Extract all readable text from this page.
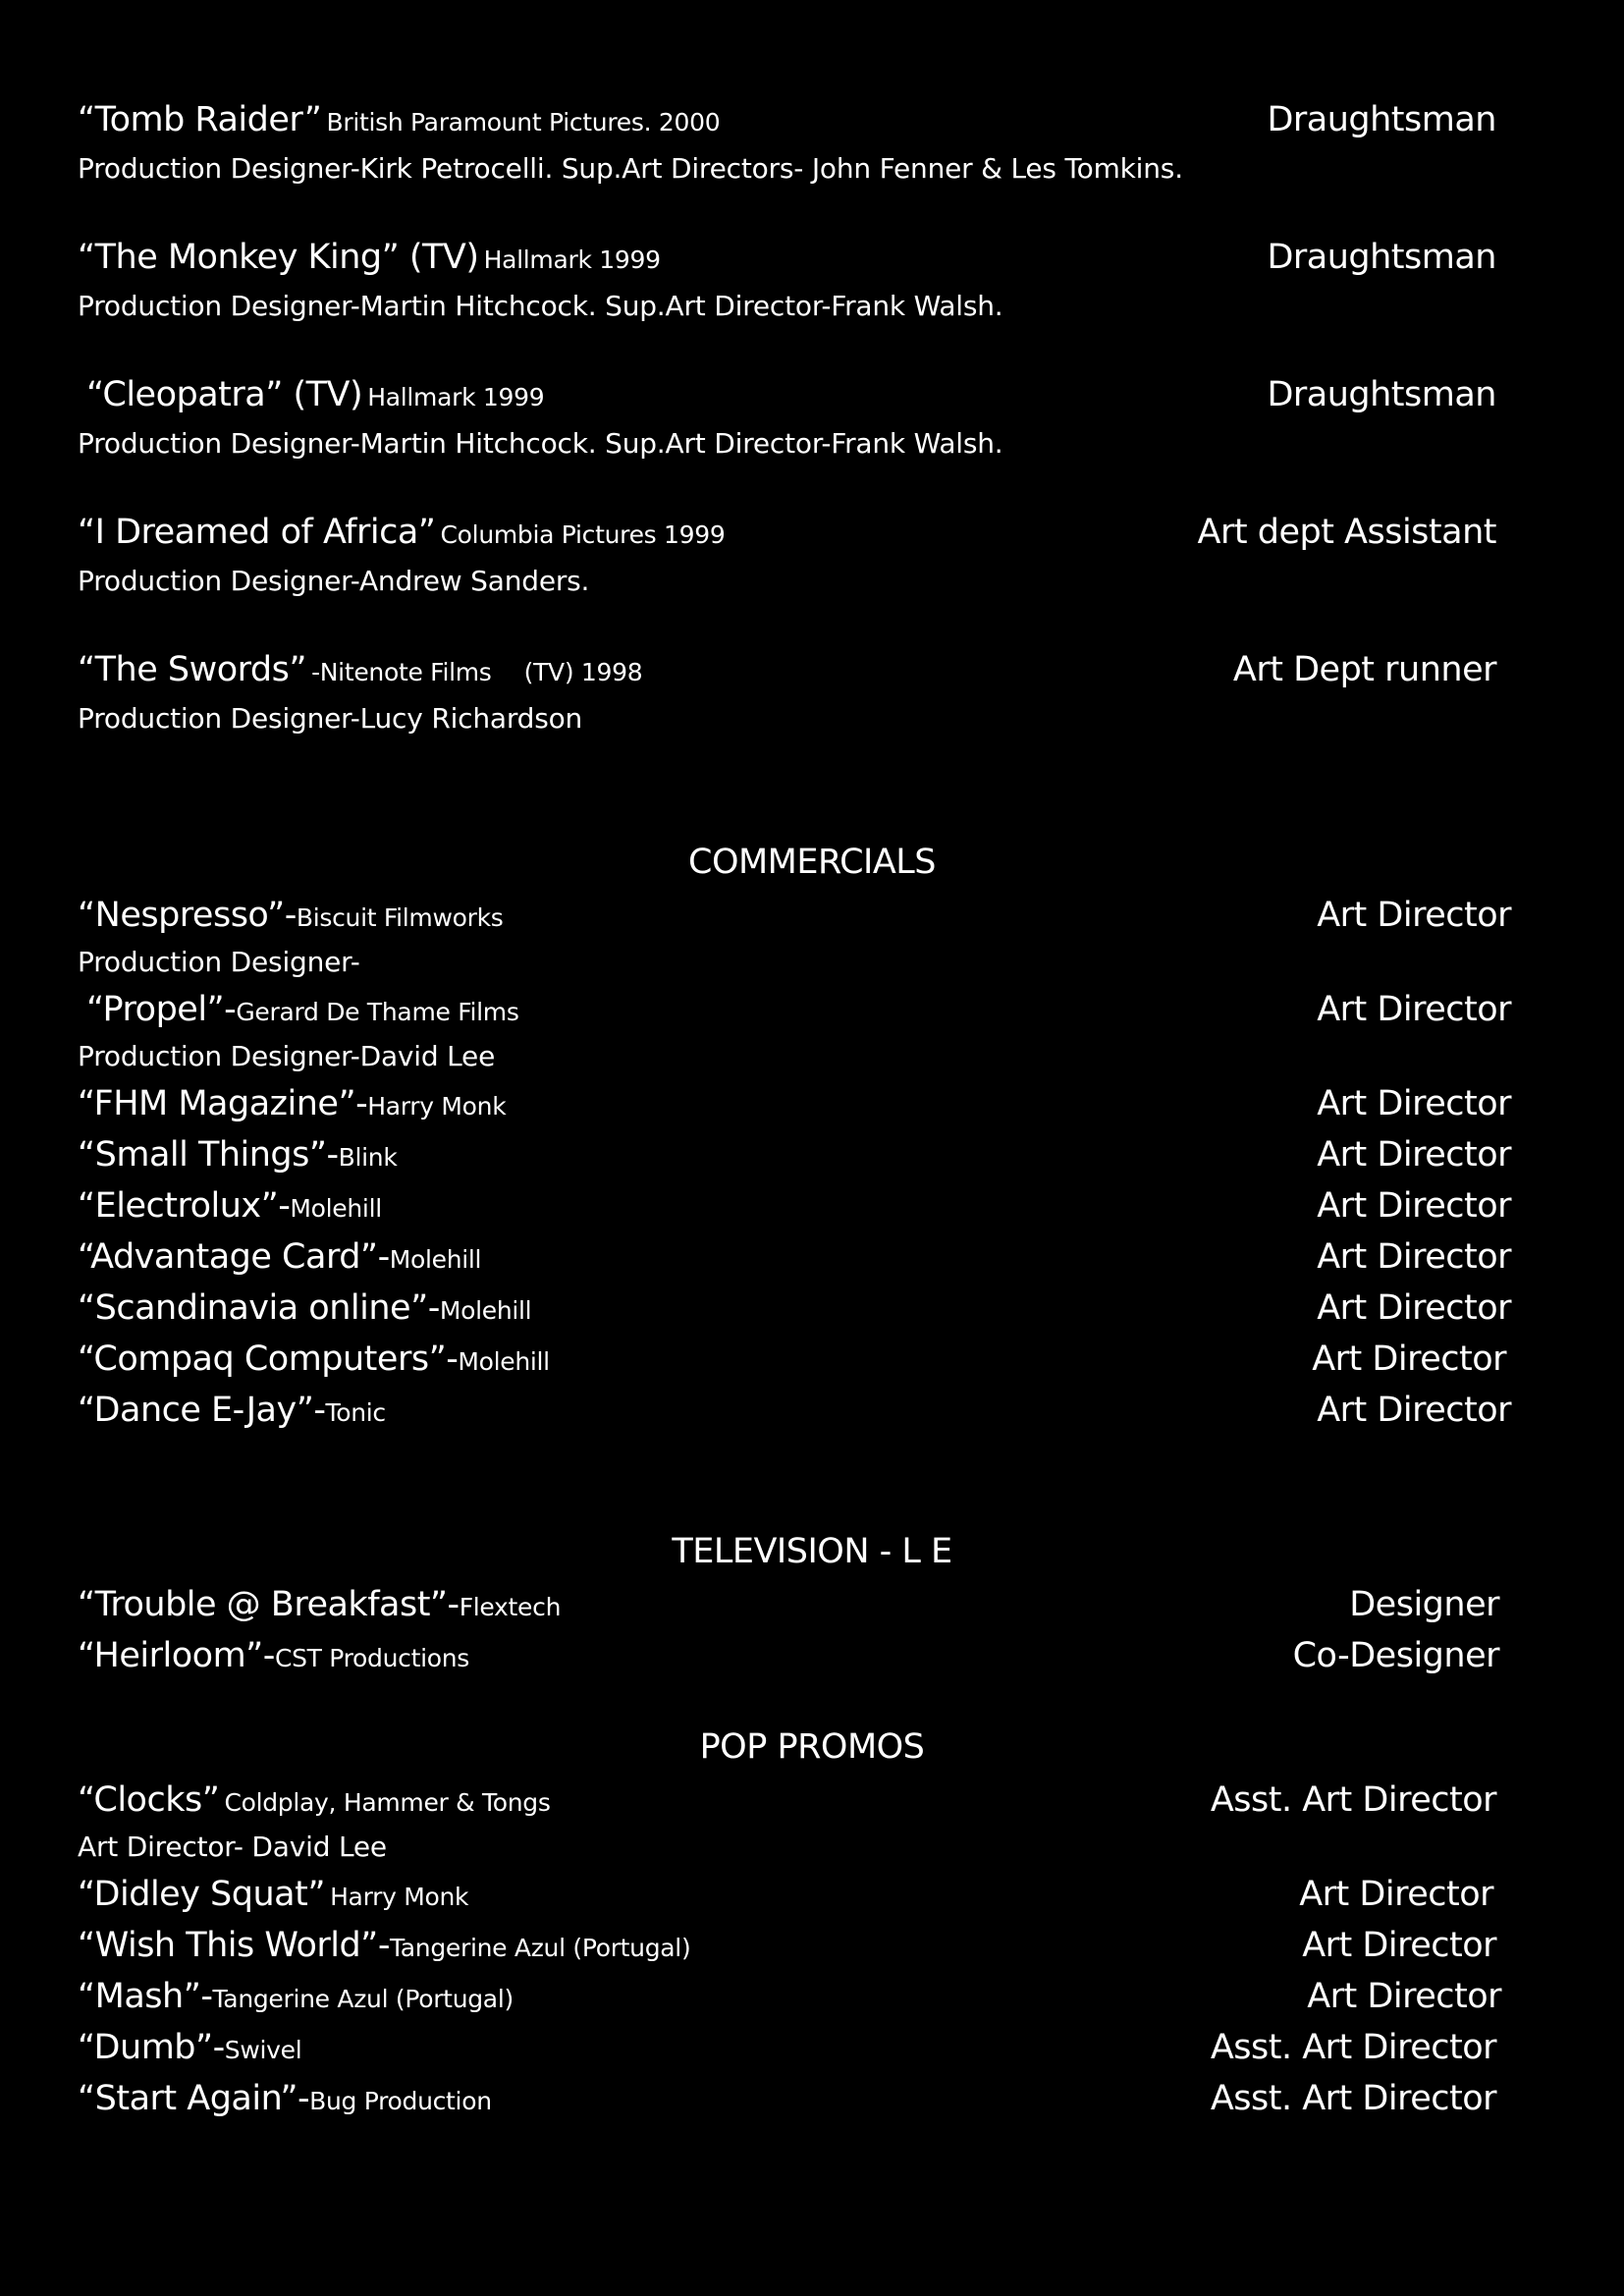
“Tomb Raider” British Paramount Pictures. 2000	Draughtsman
Production Designer-Kirk Petrocelli. Sup.Art Directors- John Fenner & Les Tomkins.
“The Monkey King” (TV) Hallmark 1999	Draughtsman
Production Designer-Martin Hitchcock. Sup.Art Director-Frank Walsh.
“Cleopatra” (TV) Hallmark 1999	Draughtsman
Production Designer-Martin Hitchcock. Sup.Art Director-Frank Walsh.
“I Dreamed of Africa” Columbia Pictures 1999	Art dept Assistant
Production Designer-Andrew Sanders.
“The Swords” -Nitenote Films (TV) 1998	Art Dept runner
Production Designer-Lucy Richardson
COMMERCIALS
“Nespresso”-Biscuit Filmworks	Art Director
Production Designer-
“Propel”-Gerard De Thame Films	Art Director
Production Designer-David Lee
“FHM Magazine”-Harry Monk	Art Director
“Small Things”-Blink	Art Director
“Electrolux”-Molehill	Art Director
“Advantage Card”-Molehill	Art Director
“Scandinavia online”-Molehill	Art Director
“Compaq Computers”-Molehill	Art Director
“Dance E-Jay”-Tonic	Art Director
TELEVISION - L E
“Trouble @ Breakfast”-Flextech	Designer
“Heirloom”-CST Productions	Co-Designer
POP PROMOS
“Clocks” Coldplay, Hammer & Tongs	Asst. Art Director
Art Director- David Lee
“Didley Squat” Harry Monk	Art Director
“Wish This World”-Tangerine Azul (Portugal)	Art Director
“Mash”-Tangerine Azul (Portugal)	Art Director
“Dumb”-Swivel	Asst. Art Director
“Start Again”-Bug Production	Asst. Art Director
